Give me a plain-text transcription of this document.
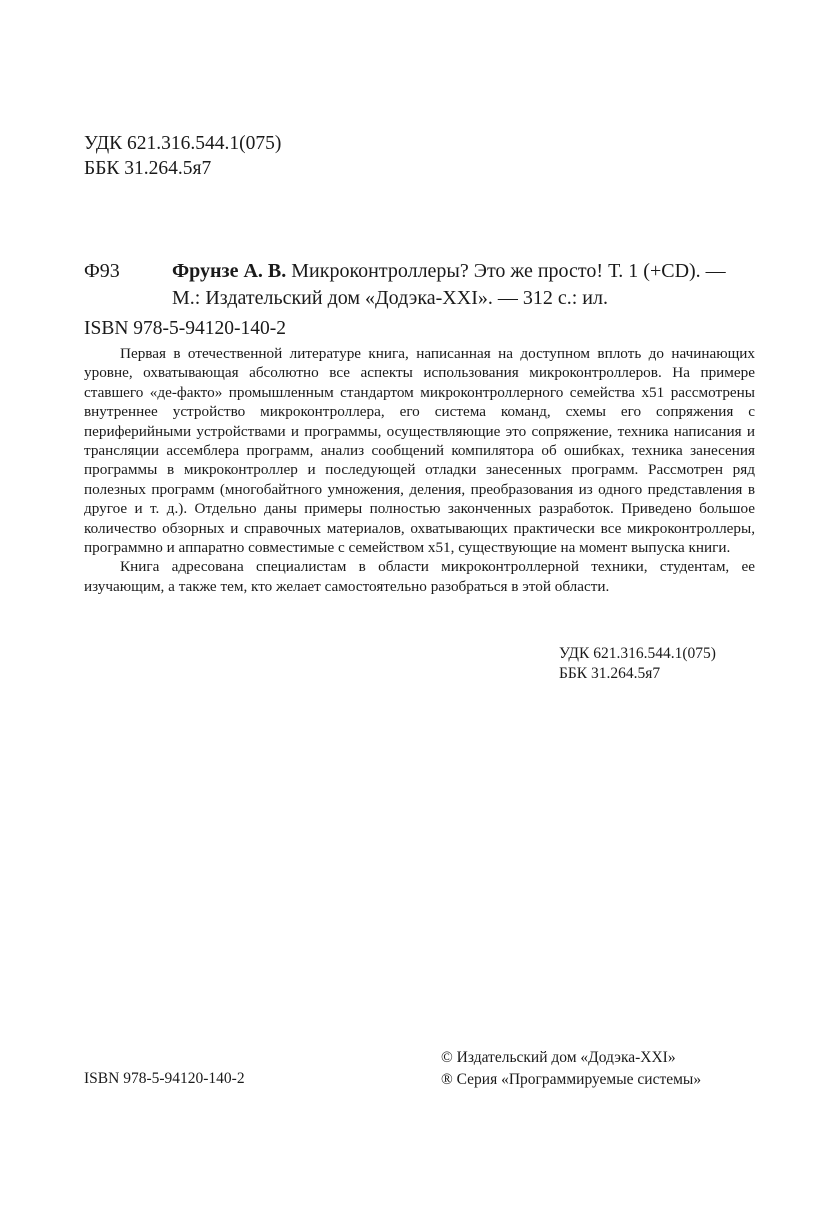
УДК 621.316.544.1(075)
ББК 31.264.5я7
Ф93	Фрунзе А. В. Микроконтроллеры? Это же просто! Т. 1 (+CD). —
М.: Издательский дом «Додэка-XXI». — 312 с.: ил.
ISBN 978-5-94120-140-2

Первая в отечественной литературе книга, написанная на доступном вплоть до начинающих уровне, охватывающая абсолютно все аспекты использования микроконтроллеров. На примере ставшего «де-факто» промышленным стандартом микроконтроллерного семейства x51 рассмотрены внутреннее устройство микроконтроллера, его система команд, схемы его сопряжения с периферийными устройствами и программы, осуществляющие это сопряжение, техника написания и трансляции ассемблера программ, анализ сообщений компилятора об ошибках, техника занесения программы в микроконтроллер и последующей отладки занесенных программ. Рассмотрен ряд полезных программ (многобайтного умножения, деления, преобразования из одного представления в другое и т. д.). Отдельно даны примеры полностью законченных разработок. Приведено большое количество обзорных и справочных материалов, охватывающих практически все микроконтроллеры, программно и аппаратно совместимые с семейством x51, существующие на момент выпуска книги.

Книга адресована специалистам в области микроконтроллерной техники, студентам, ее изучающим, а также тем, кто желает самостоятельно разобраться в этой области.

УДК 621.316.544.1(075)
ББК 31.264.5я7
ISBN 978-5-94120-140-2
© Издательский дом «Додэка-XXI»
® Серия «Программируемые системы»
